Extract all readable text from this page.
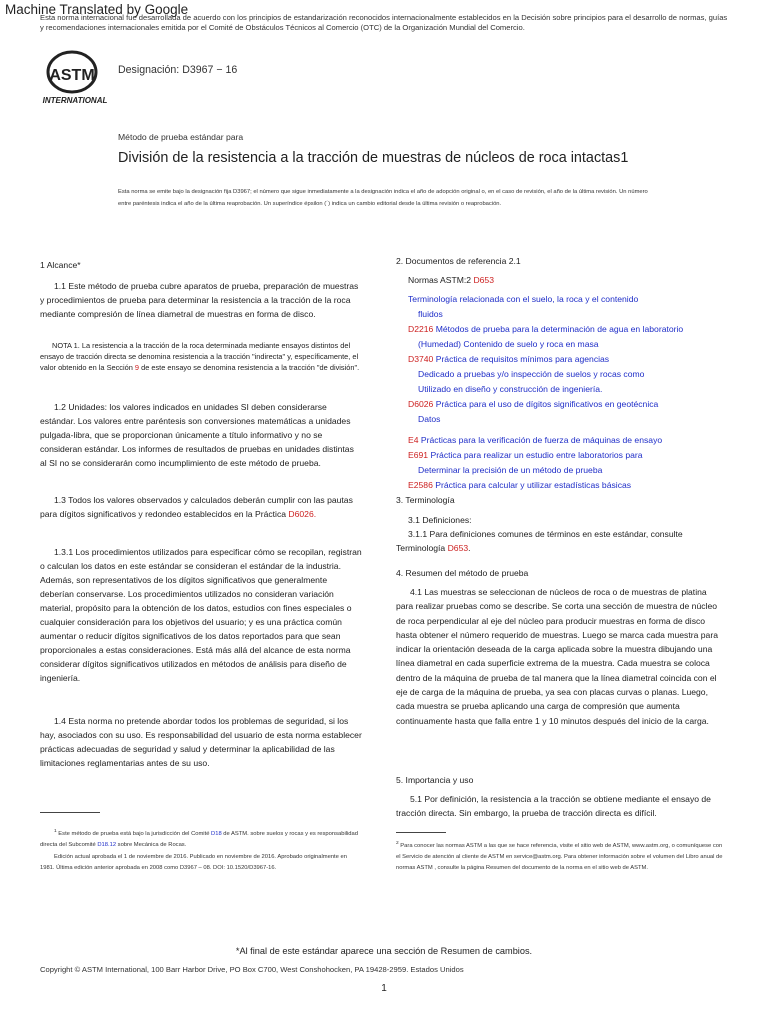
Machine Translated by Google
Esta norma internacional fue desarrollada de acuerdo con los principios de estandarización reconocidos internacionalmente establecidos en la Decisión sobre principios para el desarrollo de normas, guías y recomendaciones internacionales emitida por el Comité de Obstáculos Técnicos al Comercio (OTC) de la Organización Mundial del Comercio.
ASTM
INTERNATIONAL
Designación: D3967 − 16
Método de prueba estándar para
División de la resistencia a la tracción de muestras de núcleos de roca intactas1
Esta norma se emite bajo la designación fija D3967; el número que sigue inmediatamente a la designación indica el año de adopción original o, en el caso de revisión, el año de la última revisión. Un número entre paréntesis indica el año de la última reaprobación. Un superíndice épsilon (´) indica un cambio editorial desde la última revisión o reaprobación.
1 Alcance*

1.1 Este método de prueba cubre aparatos de prueba, preparación de muestras y procedimientos de prueba para determinar la resistencia a la tracción de la roca mediante compresión de línea diametral de muestras en forma de disco.

NOTA 1. La resistencia a la tracción de la roca determinada mediante ensayos distintos del ensayo de tracción directa se denomina resistencia a la tracción "indirecta" y, específicamente, el valor obtenido en la Sección 9 de este ensayo se denomina resistencia a la tracción "de división".

1.2 Unidades: los valores indicados en unidades SI deben considerarse estándar. Los valores entre paréntesis son conversiones matemáticas a unidades pulgada-libra, que se proporcionan únicamente a título informativo y no se consideran estándar. Los informes de resultados de pruebas en unidades distintas al SI no se considerarán como incumplimiento de este método de prueba.

1.3 Todos los valores observados y calculados deberán cumplir con las pautas para dígitos significativos y redondeo establecidos en la Práctica D6026.

1.3.1 Los procedimientos utilizados para especificar cómo se recopilan, registran o calculan los datos en este estándar se consideran el estándar de la industria. Además, son representativos de los dígitos significativos que generalmente deberían conservarse. Los procedimientos utilizados no consideran variación material, propósito para la obtención de los datos, estudios con fines especiales o cualquier consideración para los objetivos del usuario; y es una práctica común aumentar o reducir dígitos significativos de los datos reportados para que sean proporcionales a estas consideraciones. Está más allá del alcance de esta norma considerar dígitos significativos utilizados en métodos de análisis para diseño de ingeniería.

1.4 Esta norma no pretende abordar todos los problemas de seguridad, si los hay, asociados con su uso. Es responsabilidad del usuario de esta norma establecer prácticas adecuadas de seguridad y salud y determinar la aplicabilidad de las limitaciones reglamentarias antes de su uso.

$^1$ Este método de prueba está bajo la jurisdicción del Comité D18 de ASTM. sobre suelos y rocas y es responsabilidad directa del Subcomité D18.12 sobre Mecánica de Rocas.

Edición actual aprobada el 1 de noviembre de 2016. Publicado en noviembre de 2016. Aprobado originalmente en 1981. Última edición anterior aprobada en 2008 como D3967 – 08. DOI: 10.1520/D3967-16.

2. Documentos de referencia 2.1
Normas ASTM:2 D653
Terminología relacionada con el suelo, la roca y el contenido
fluidos
D2216 Métodos de prueba para la determinación de agua en laboratorio
(Humedad) Contenido de suelo y roca en masa
D3740 Práctica de requisitos mínimos para agencias
Dedicado a pruebas y/o inspección de suelos y rocas como
Utilizado en diseño y construcción de ingeniería.
D6026 Práctica para el uso de dígitos significativos en geotécnica
Datos
E4 Prácticas para la verificación de fuerza de máquinas de ensayo
E691 Práctica para realizar un estudio entre laboratorios para
Determinar la precisión de un método de prueba
E2586 Práctica para calcular y utilizar estadísticas básicas
3. Terminología
3.1 Definiciones:

3.1.1 Para definiciones comunes de términos en este estándar, consulte Terminología D653.

4. Resumen del método de prueba

4.1 Las muestras se seleccionan de núcleos de roca o de muestras de platina para realizar pruebas como se describe. Se corta una sección de muestra de núcleo de roca perpendicular al eje del núcleo para producir muestras en forma de disco hasta obtener el número requerido de muestras. Luego se marca cada muestra para indicar la orientación deseada de la carga aplicada sobre la muestra dibujando una línea diametral en cada superficie extrema de la muestra. Cada muestra se coloca dentro de la máquina de prueba de tal manera que la línea diametral coincida con el eje de carga de la máquina de prueba, ya sea con placas curvas o planas. Luego, cada muestra se prueba aplicando una carga de compresión que aumenta continuamente hasta que falla entre 1 y 10 minutos después del inicio de la carga.

5. Importancia y uso

5.1 Por definición, la resistencia a la tracción se obtiene mediante el ensayo de tracción directa. Sin embargo, la prueba de tracción directa es difícil.

$^2$ Para conocer las normas ASTM a las que se hace referencia, visite el sitio web de ASTM, www.astm.org, o comuníquese con el Servicio de atención al cliente de ASTM en service@astm.org. Para obtener información sobre el volumen del Libro anual de normas ASTM , consulte la página Resumen del documento de la norma en el sitio web de ASTM.

*Al final de este estándar aparece una sección de Resumen de cambios.
Copyright © ASTM International, 100 Barr Harbor Drive, PO Box C700, West Conshohocken, PA 19428-2959. Estados Unidos
1
